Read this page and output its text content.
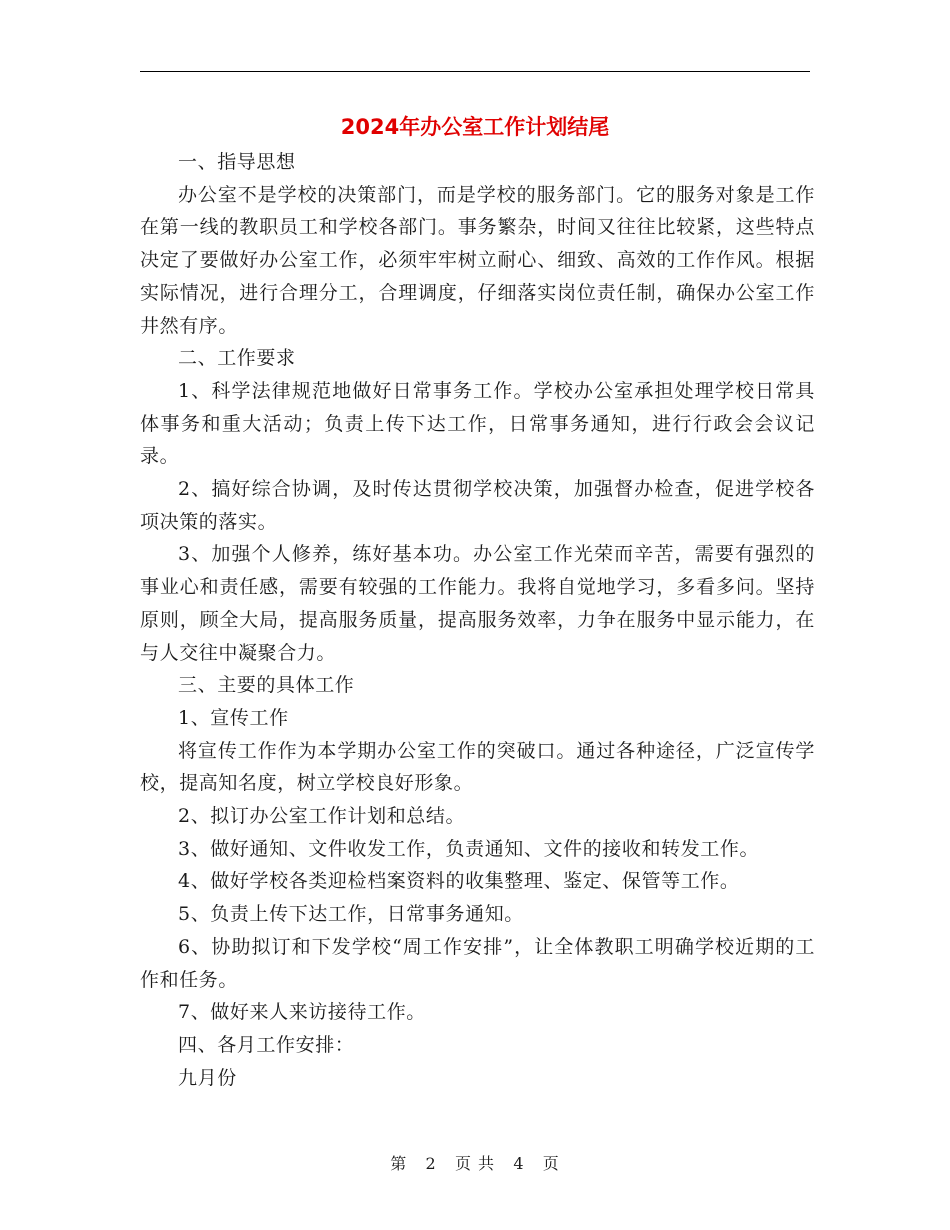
2024年办公室工作计划结尾

一、指导思想

办公室不是学校的决策部门，而是学校的服务部门。它的服务对象是工作在第一线的教职员工和学校各部门。事务繁杂，时间又往往比较紧，这些特点决定了要做好办公室工作，必须牢牢树立耐心、细致、高效的工作作风。根据实际情况，进行合理分工，合理调度，仔细落实岗位责任制，确保办公室工作井然有序。

二、工作要求

1、科学法律规范地做好日常事务工作。学校办公室承担处理学校日常具体事务和重大活动；负责上传下达工作，日常事务通知，进行行政会会议记录。

2、搞好综合协调，及时传达贯彻学校决策，加强督办检查，促进学校各项决策的落实。

3、加强个人修养，练好基本功。办公室工作光荣而辛苦，需要有强烈的事业心和责任感，需要有较强的工作能力。我将自觉地学习，多看多问。坚持原则，顾全大局，提高服务质量，提高服务效率，力争在服务中显示能力，在与人交往中凝聚合力。

三、主要的具体工作

1、宣传工作

将宣传工作作为本学期办公室工作的突破口。通过各种途径，广泛宣传学校，提高知名度，树立学校良好形象。

2、拟订办公室工作计划和总结。

3、做好通知、文件收发工作，负责通知、文件的接收和转发工作。

4、做好学校各类迎检档案资料的收集整理、鉴定、保管等工作。

5、负责上传下达工作，日常事务通知。

6、协助拟订和下发学校“周工作安排”，让全体教职工明确学校近期的工作和任务。

7、做好来人来访接待工作。

四、各月工作安排：

九月份

第 2 页 共 4 页
